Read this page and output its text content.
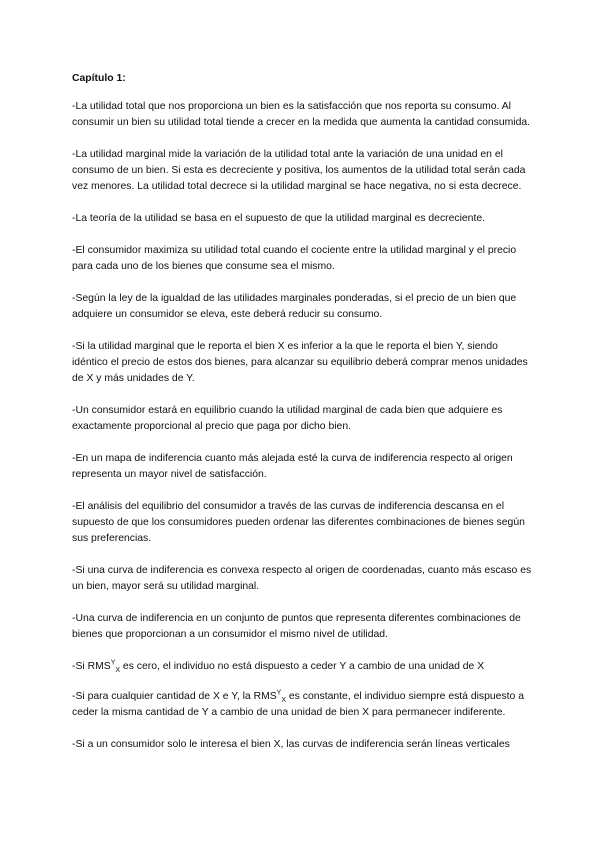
Capítulo 1:

-La utilidad total que nos proporciona un bien es la satisfacción que nos reporta su consumo. Al consumir un bien su utilidad total tiende a crecer en la medida que aumenta la cantidad consumida.

-La utilidad marginal mide la variación de la utilidad total ante la variación de una unidad en el consumo de un bien. Si esta es decreciente y positiva, los aumentos de la utilidad total serán cada vez menores. La utilidad total decrece si la utilidad marginal se hace negativa, no si esta decrece.

-La teoría de la utilidad se basa en el supuesto de que la utilidad marginal es decreciente.

-El consumidor maximiza su utilidad total cuando el cociente entre la utilidad marginal y el precio para cada uno de los bienes que consume sea el mismo.

-Según la ley de la igualdad de las utilidades marginales ponderadas, si el precio de un bien que adquiere un consumidor se eleva, este deberá reducir su consumo.

-Si la utilidad marginal que le reporta el bien X es inferior a la que le reporta el bien Y, siendo idéntico el precio de estos dos bienes, para alcanzar su equilibrio deberá comprar menos unidades de X y más unidades de Y.

-Un consumidor estará en equilibrio cuando la utilidad marginal de cada bien que adquiere es exactamente proporcional al precio que paga por dicho bien.

-En un mapa de indiferencia cuanto más alejada esté la curva de indiferencia respecto al origen representa un mayor nivel de satisfacción.

-El análisis del equilibrio del consumidor a través de las curvas de indiferencia descansa en el supuesto de que los consumidores pueden ordenar las diferentes combinaciones de bienes según sus preferencias.

-Si una curva de indiferencia es convexa respecto al origen de coordenadas, cuanto más escaso es un bien, mayor será su utilidad marginal.

-Una curva de indiferencia en un conjunto de puntos que representa diferentes combinaciones de bienes que proporcionan a un consumidor el mismo nivel de utilidad.

-Si $RMS^Y_X$ es cero, el individuo no está dispuesto a ceder Y a cambio de una unidad de X

-Si para cualquier cantidad de X e Y, la $RMS^Y_X$ es constante, el individuo siempre está dispuesto a ceder la misma cantidad de Y a cambio de una unidad de bien X para permanecer indiferente.

-Si a un consumidor solo le interesa el bien X, las curvas de indiferencia serán líneas verticales
